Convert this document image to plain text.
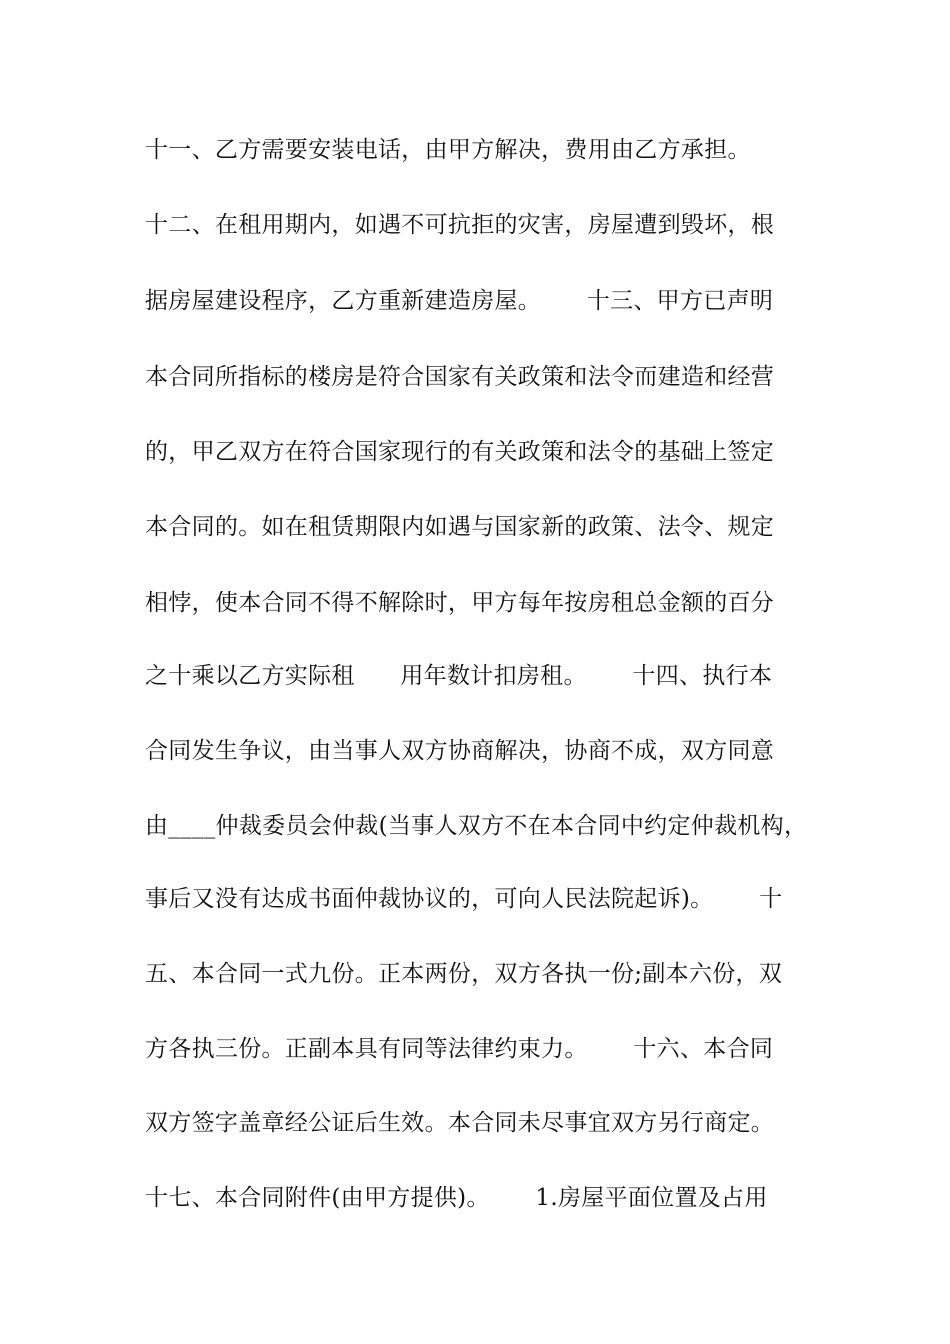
十一、乙方需要安装电话，由甲方解决，费用由乙方承担。
十二、在租用期内，如遇不可抗拒的灾害，房屋遭到毁坏，根
据房屋建设程序，乙方重新建造房屋。      十三、甲方已声明
本合同所指标的楼房是符合国家有关政策和法令而建造和经营
的，甲乙双方在符合国家现行的有关政策和法令的基础上签定
本合同的。如在租赁期限内如遇与国家新的政策、法令、规定
相悖，使本合同不得不解除时，甲方每年按房租总金额的百分
之十乘以乙方实际租      用年数计扣房租。      十四、执行本
合同发生争议，由当事人双方协商解决，协商不成，双方同意
由____仲裁委员会仲裁(当事人双方不在本合同中约定仲裁机构，
事后又没有达成书面仲裁协议的，可向人民法院起诉)。      十
五、本合同一式九份。正本两份，双方各执一份;副本六份，双
方各执三份。正副本具有同等法律约束力。      十六、本合同
双方签字盖章经公证后生效。本合同未尽事宜双方另行商定。
十七、本合同附件(由甲方提供)。      1.房屋平面位置及占用
